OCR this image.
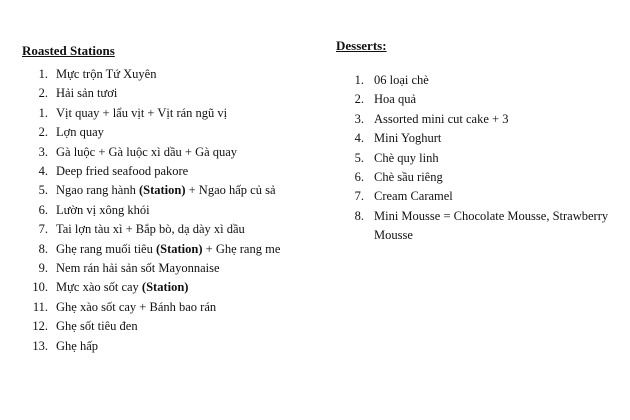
Roasted Stations

1. Mực trộn Tứ Xuyên
2. Hải sản tươi
1. Vịt quay + lẩu vịt + Vịt rán ngũ vị
2. Lợn quay
3. Gà luộc + Gà luộc xì dầu + Gà quay
4. Deep fried seafood pakore
5. Ngao rang hành (Station) + Ngao hấp củ sả
6. Lườn vị xông khói
7. Tai lợn tàu xì + Bắp bò, dạ dày xì dầu
8. Ghẹ rang muối tiêu (Station) + Ghẹ rang me
9. Nem rán hải sản sốt Mayonnaise
10. Mực xào sốt cay (Station)
11. Ghẹ xào sốt cay + Bánh bao rán
12. Ghẹ sốt tiêu đen
13. Ghẹ hấp

Desserts:

1. 06 loại chè
2. Hoa quả
3. Assorted mini cut cake + 3
4. Mini Yoghurt
5. Chè quy linh
6. Chè sầu riêng
7. Cream Caramel
8. Mini Mousse = Chocolate Mousse, Strawberry Mousse
